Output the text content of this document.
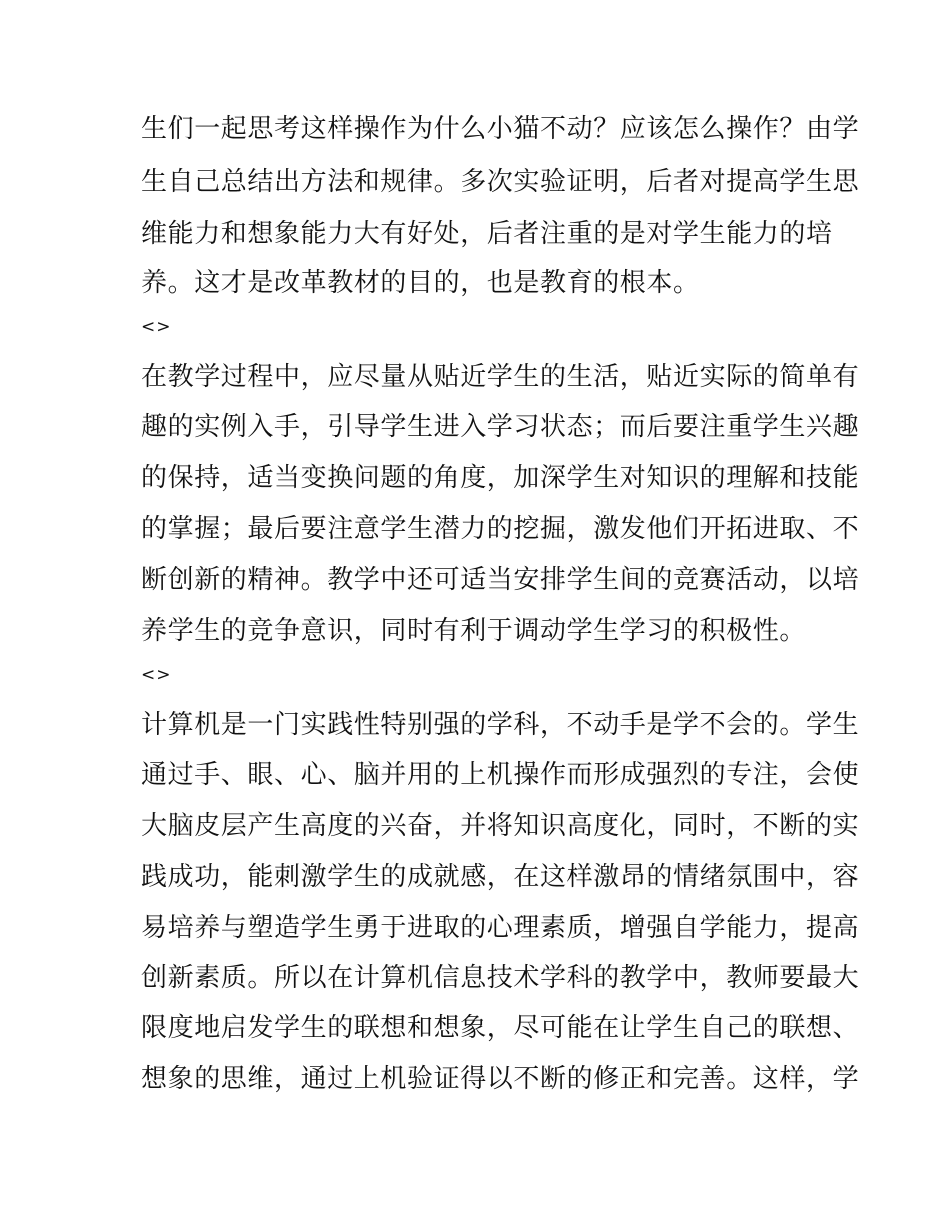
生们一起思考这样操作为什么小猫不动？应该怎么操作？由学
生自己总结出方法和规律。多次实验证明，后者对提高学生思
维能力和想象能力大有好处，后者注重的是对学生能力的培
养。这才是改革教材的目的，也是教育的根本。
<>
在教学过程中，应尽量从贴近学生的生活，贴近实际的简单有
趣的实例入手，引导学生进入学习状态；而后要注重学生兴趣
的保持，适当变换问题的角度，加深学生对知识的理解和技能
的掌握；最后要注意学生潜力的挖掘，激发他们开拓进取、不
断创新的精神。教学中还可适当安排学生间的竞赛活动，以培
养学生的竞争意识，同时有利于调动学生学习的积极性。
<>
计算机是一门实践性特别强的学科，不动手是学不会的。学生
通过手、眼、心、脑并用的上机操作而形成强烈的专注，会使
大脑皮层产生高度的兴奋，并将知识高度化，同时，不断的实
践成功，能刺激学生的成就感，在这样激昂的情绪氛围中，容
易培养与塑造学生勇于进取的心理素质，增强自学能力，提高
创新素质。所以在计算机信息技术学科的教学中，教师要最大
限度地启发学生的联想和想象，尽可能在让学生自己的联想、
想象的思维，通过上机验证得以不断的修正和完善。这样，学
